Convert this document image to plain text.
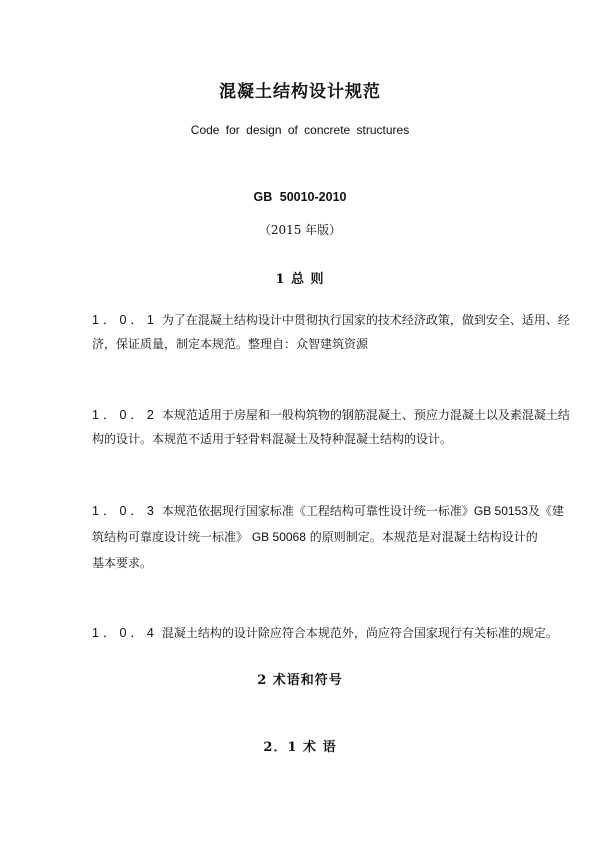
混凝土结构设计规范
Code for design of concrete structures
GB 50010-2010
（2015 年版）
1 总 则
1．0．1 为了在混凝土结构设计中贯彻执行国家的技术经济政策，做到安全、适用、经
济，保证质量，制定本规范。整理自：众智建筑资源
1．0．2 本规范适用于房屋和一般构筑物的钢筋混凝土、预应力混凝土以及素混凝土结
构的设计。本规范不适用于轻骨料混凝土及特种混凝土结构的设计。
1．0．3 本规范依据现行国家标准《工程结构可靠性设计统一标准》GB 50153及《建
筑结构可靠度设计统一标准》 GB 50068 的原则制定。本规范是对混凝土结构设计的
基本要求。
1．0．4 混凝土结构的设计除应符合本规范外，尚应符合国家现行有关标准的规定。
2 术语和符号
2．1 术 语
